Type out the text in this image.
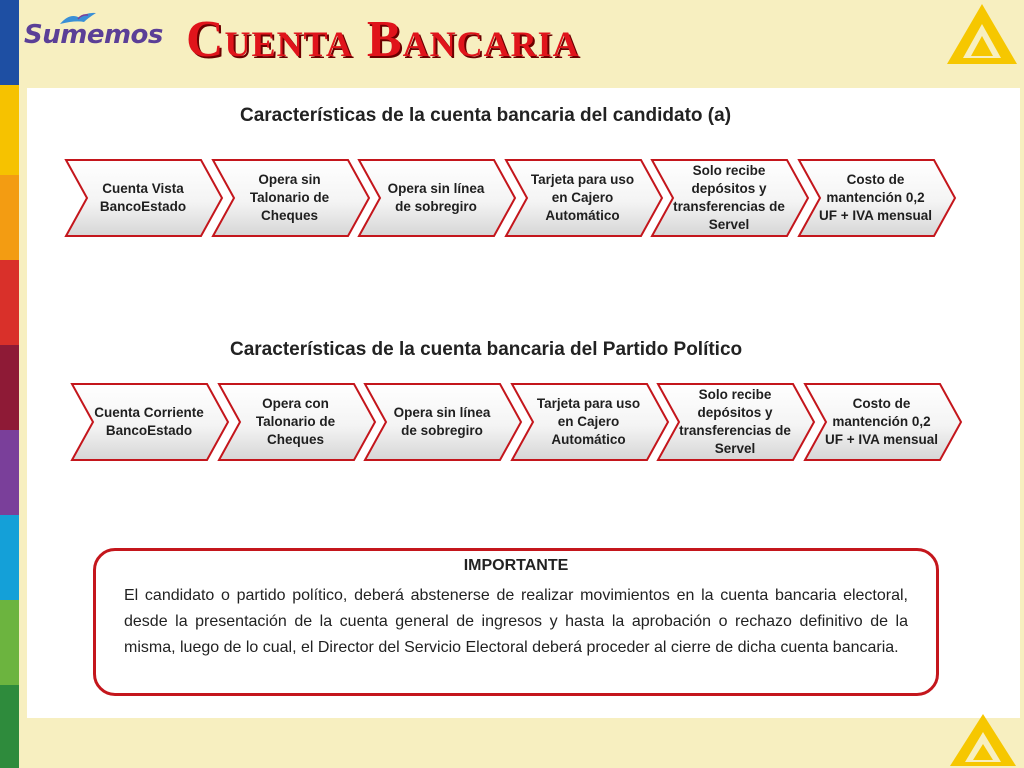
Sumemos Cuenta Bancaria
Características de la cuenta bancaria del candidato (a)
Cuenta Vista BancoEstado
Opera sin Talonario de Cheques
Opera sin línea de sobregiro
Tarjeta para uso en Cajero Automático
Solo recibe depósitos y transferencias de Servel
Costo de mantención 0,2 UF + IVA mensual
Características de la cuenta bancaria del Partido Político
Cuenta Corriente BancoEstado
Opera con Talonario de Cheques
Opera sin línea de sobregiro
Tarjeta para uso en Cajero Automático
Solo recibe depósitos y transferencias de Servel
Costo de mantención 0,2 UF + IVA mensual

IMPORTANTE

El candidato o partido político, deberá abstenerse de realizar movimientos en la cuenta bancaria electoral, desde la presentación de la cuenta general de ingresos y hasta la aprobación o rechazo definitivo de la misma, luego de lo cual, el Director del Servicio Electoral deberá proceder al cierre de dicha cuenta bancaria.
